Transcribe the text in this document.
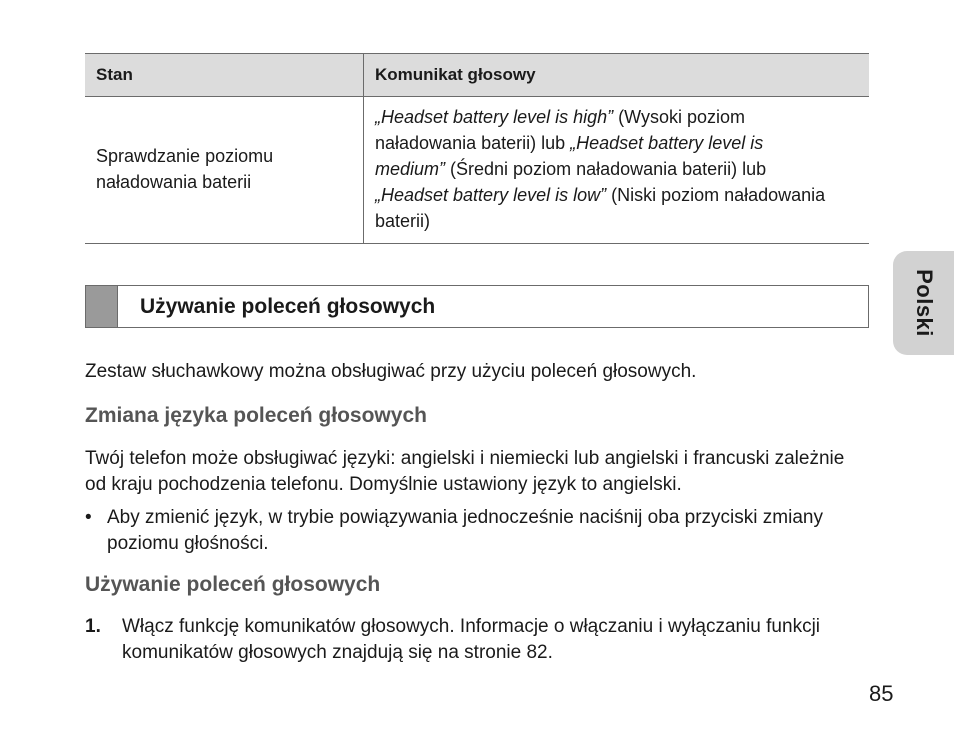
Stan	Komunikat głosowy
Sprawdzanie poziomu naładowania baterii	„Headset battery level is high” (Wysoki poziom naładowania baterii) lub „Headset battery level is medium” (Średni poziom naładowania baterii) lub „Headset battery level is low” (Niski poziom naładowania baterii)
Używanie poleceń głosowych	Polski
Zestaw słuchawkowy można obsługiwać przy użyciu poleceń głosowych.
Zmiana języka poleceń głosowych
Twój telefon może obsługiwać języki: angielski i niemiecki lub angielski i francuski zależnie od kraju pochodzenia telefonu. Domyślnie ustawiony język to angielski.
• Aby zmienić język, w trybie powiązywania jednocześnie naciśnij oba przyciski zmiany poziomu głośności.
Używanie poleceń głosowych
1. Włącz funkcję komunikatów głosowych. Informacje o włączaniu i wyłączaniu funkcji komunikatów głosowych znajdują się na stronie 82.
85
